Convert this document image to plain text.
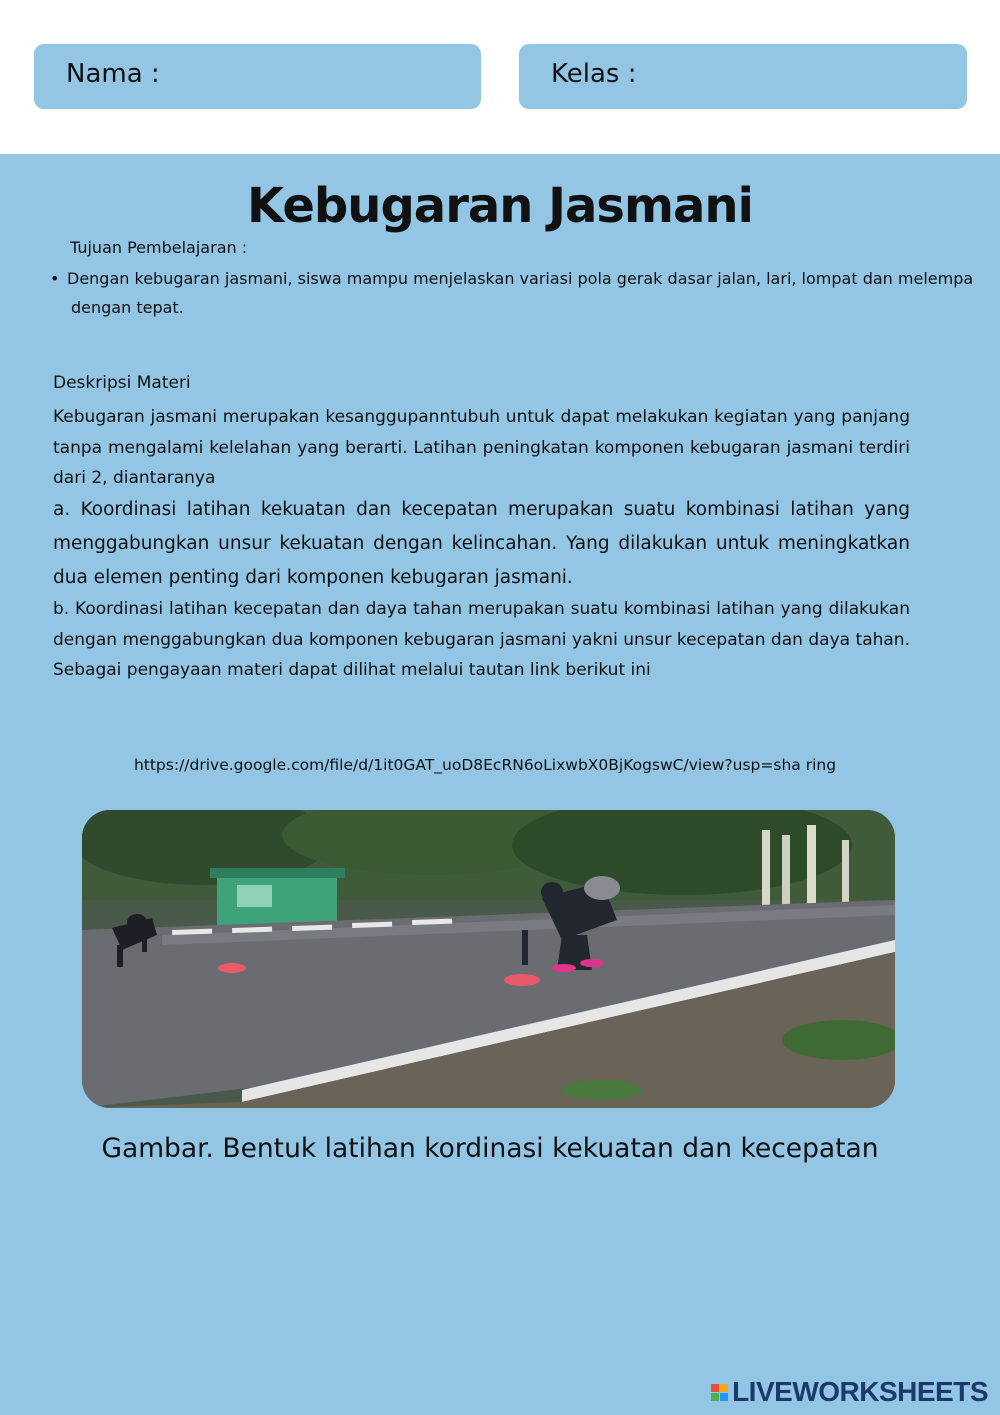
Nama :	Kelas :
Kebugaran Jasmani
Tujuan Pembelajaran :
• Dengan kebugaran jasmani, siswa mampu menjelaskan variasi pola gerak dasar jalan, lari, lompat dan melempa
dengan tepat.
Deskripsi Materi
Kebugaran jasmani merupakan kesanggupanntubuh untuk dapat melakukan kegiatan yang panjang tanpa mengalami kelelahan yang berarti. Latihan peningkatan komponen kebugaran jasmani terdiri dari 2, diantaranya
a. Koordinasi latihan kekuatan dan kecepatan merupakan suatu kombinasi latihan yang menggabungkan unsur kekuatan dengan kelincahan. Yang dilakukan untuk meningkatkan dua elemen penting dari komponen kebugaran jasmani.
b. Koordinasi latihan kecepatan dan daya tahan merupakan suatu kombinasi latihan yang dilakukan dengan menggabungkan dua komponen kebugaran jasmani yakni unsur kecepatan dan daya tahan. Sebagai pengayaan materi dapat dilihat melalui tautan link berikut ini
https://drive.google.com/file/d/1it0GAT_uoD8EcRN6oLixwbX0BjKogswC/view?usp=sha ring
Gambar. Bentuk latihan kordinasi kekuatan dan kecepatan
LIVEWORKSHEETS
